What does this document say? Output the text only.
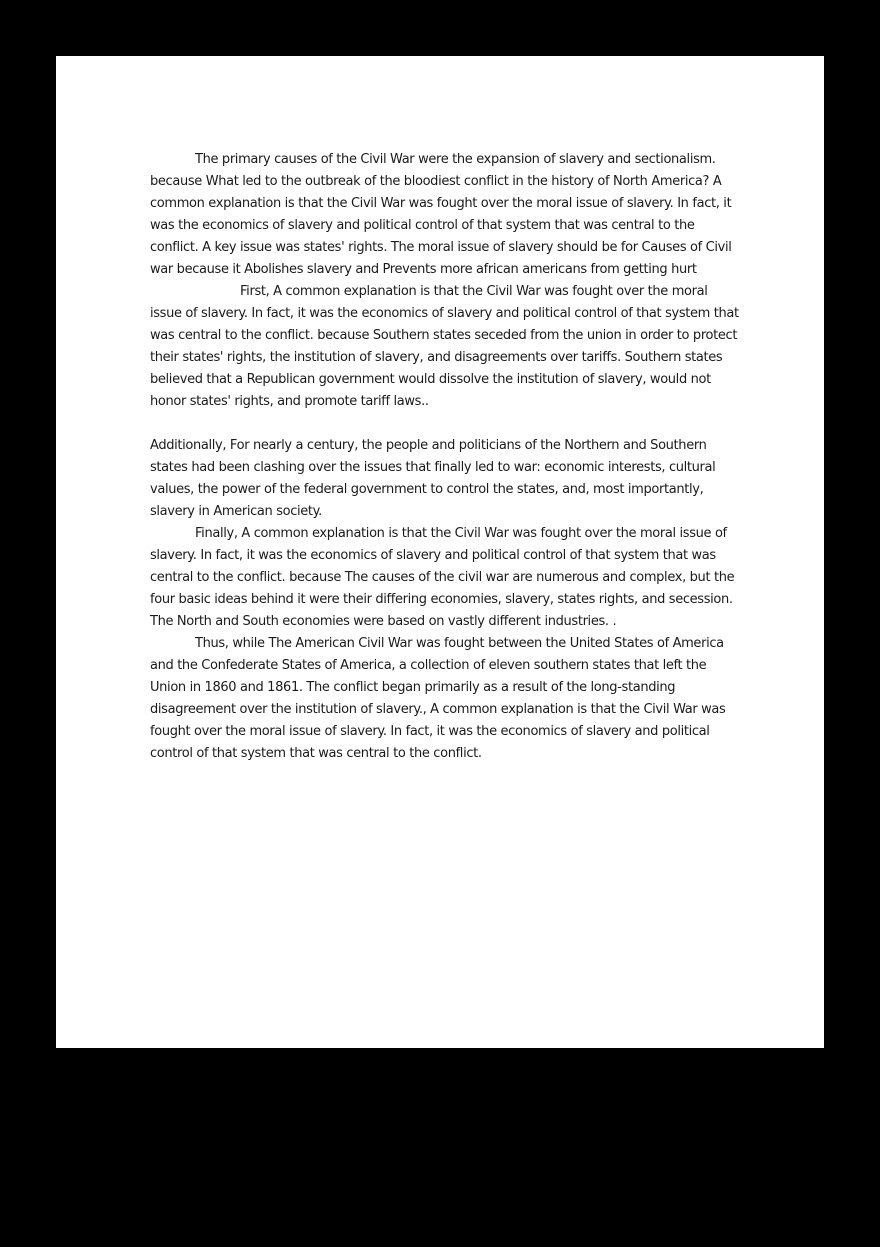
The primary causes of the Civil War were the expansion of slavery and sectionalism. because What led to the outbreak of the bloodiest conflict in the history of North America? A common explanation is that the Civil War was fought over the moral issue of slavery. In fact, it was the economics of slavery and political control of that system that was central to the conflict. A key issue was states' rights. The moral issue of slavery should be for Causes of Civil war because it Abolishes slavery and Prevents more african americans from getting hurt

First, A common explanation is that the Civil War was fought over the moral issue of slavery. In fact, it was the economics of slavery and political control of that system that was central to the conflict. because Southern states seceded from the union in order to protect their states' rights, the institution of slavery, and disagreements over tariffs. Southern states believed that a Republican government would dissolve the institution of slavery, would not honor states' rights, and promote tariff laws..

Additionally, For nearly a century, the people and politicians of the Northern and Southern states had been clashing over the issues that finally led to war: economic interests, cultural values, the power of the federal government to control the states, and, most importantly, slavery in American society.

Finally, A common explanation is that the Civil War was fought over the moral issue of slavery. In fact, it was the economics of slavery and political control of that system that was central to the conflict. because The causes of the civil war are numerous and complex, but the four basic ideas behind it were their differing economies, slavery, states rights, and secession. The North and South economies were based on vastly different industries. .

Thus, while The American Civil War was fought between the United States of America and the Confederate States of America, a collection of eleven southern states that left the Union in 1860 and 1861. The conflict began primarily as a result of the long-standing disagreement over the institution of slavery., A common explanation is that the Civil War was fought over the moral issue of slavery. In fact, it was the economics of slavery and political control of that system that was central to the conflict.
